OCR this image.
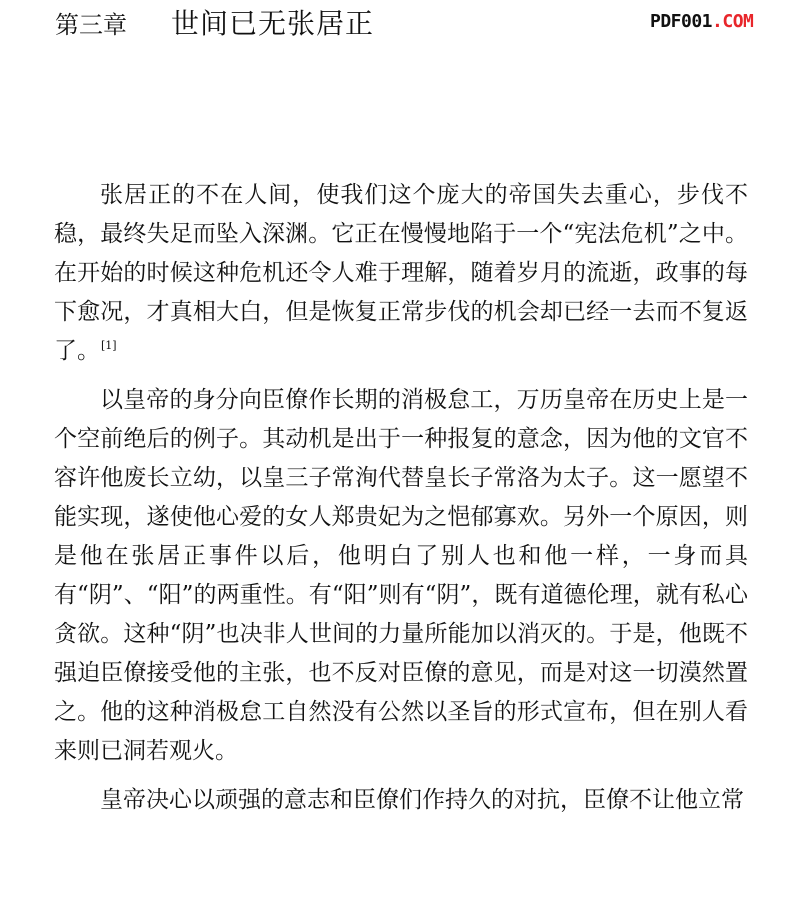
第三章 世间已无张居正	PDF001.COM

张居正的不在人间，使我们这个庞大的帝国失去重心，步伐不稳，最终失足而坠入深渊。它正在慢慢地陷于一个“宪法危机”之中。在开始的时候这种危机还令人难于理解，随着岁月的流逝，政事的每下愈况，才真相大白，但是恢复正常步伐的机会却已经一去而不复返了。[1]

以皇帝的身分向臣僚作长期的消极怠工，万历皇帝在历史上是一个空前绝后的例子。其动机是出于一种报复的意念，因为他的文官不容许他废长立幼，以皇三子常洵代替皇长子常洛为太子。这一愿望不能实现，遂使他心爱的女人郑贵妃为之悒郁寡欢。另外一个原因，则是他在张居正事件以后，他明白了别人也和他一样，一身而具有“阴”、“阳”的两重性。有“阳”则有“阴”，既有道德伦理，就有私心贪欲。这种“阴”也决非人世间的力量所能加以消灭的。于是，他既不强迫臣僚接受他的主张，也不反对臣僚的意见，而是对这一切漠然置之。他的这种消极怠工自然没有公然以圣旨的形式宣布，但在别人看来则已洞若观火。

皇帝决心以顽强的意志和臣僚们作持久的对抗，臣僚不让他立常
